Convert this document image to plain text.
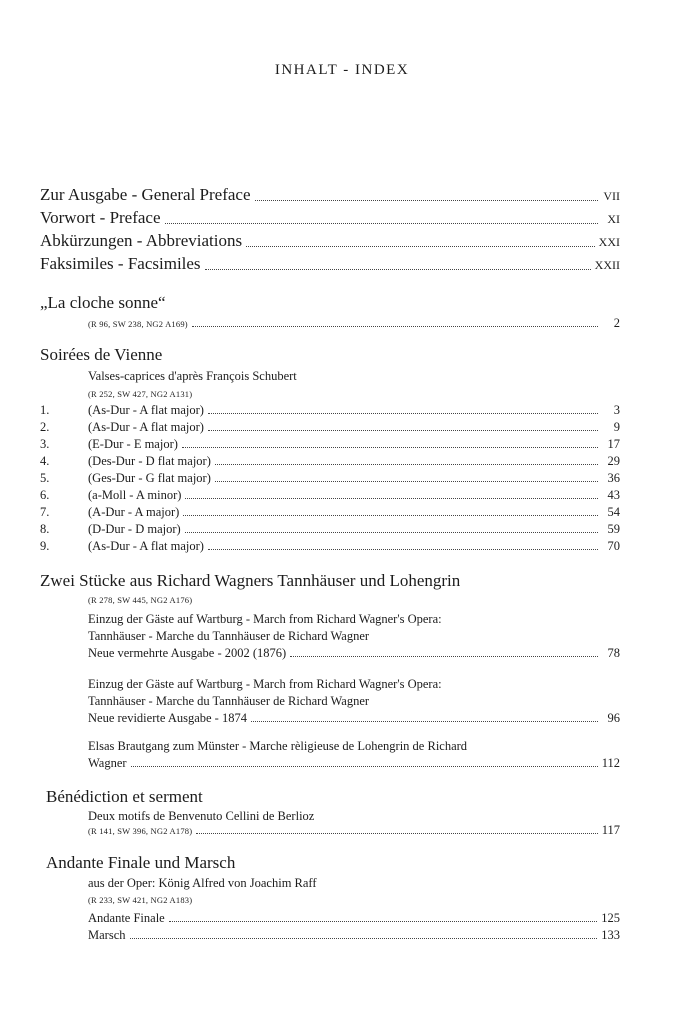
INHALT - INDEX
Zur Ausgabe - General Preface	VII
Vorwort - Preface	XI
Abkürzungen - Abbreviations	XXI
Faksimiles - Facsimiles	XXII
„La cloche sonne“
(R 96, SW 238, NG2 A169)	2
Soirées de Vienne
Valses-caprices d'après François Schubert
(R 252, SW 427, NG2 A131)
1.	(As-Dur - A flat major)	3
2.	(As-Dur - A flat major)	9
3.	(E-Dur - E major)	17
4.	(Des-Dur - D flat major)	29
5.	(Ges-Dur - G flat major)	36
6.	(a-Moll - A minor)	43
7.	(A-Dur - A major)	54
8.	(D-Dur - D major)	59
9.	(As-Dur - A flat major)	70
Zwei Stücke aus Richard Wagners Tannhäuser und Lohengrin
(R 278, SW 445, NG2 A176)
Einzug der Gäste auf Wartburg - March from Richard Wagner's Opera:
Tannhäuser - Marche du Tannhäuser de Richard Wagner
Neue vermehrte Ausgabe - 2002 (1876)	78
Einzug der Gäste auf Wartburg - March from Richard Wagner's Opera:
Tannhäuser - Marche du Tannhäuser de Richard Wagner
Neue revidierte Ausgabe - 1874	96
Elsas Brautgang zum Münster - Marche rèligieuse de Lohengrin de Richard
Wagner	112
Bénédiction et serment
Deux motifs de Benvenuto Cellini de Berlioz
(R 141, SW 396, NG2 A178)	117
Andante Finale und Marsch
aus der Oper: König Alfred von Joachim Raff
(R 233, SW 421, NG2 A183)
Andante Finale	125
Marsch	133
